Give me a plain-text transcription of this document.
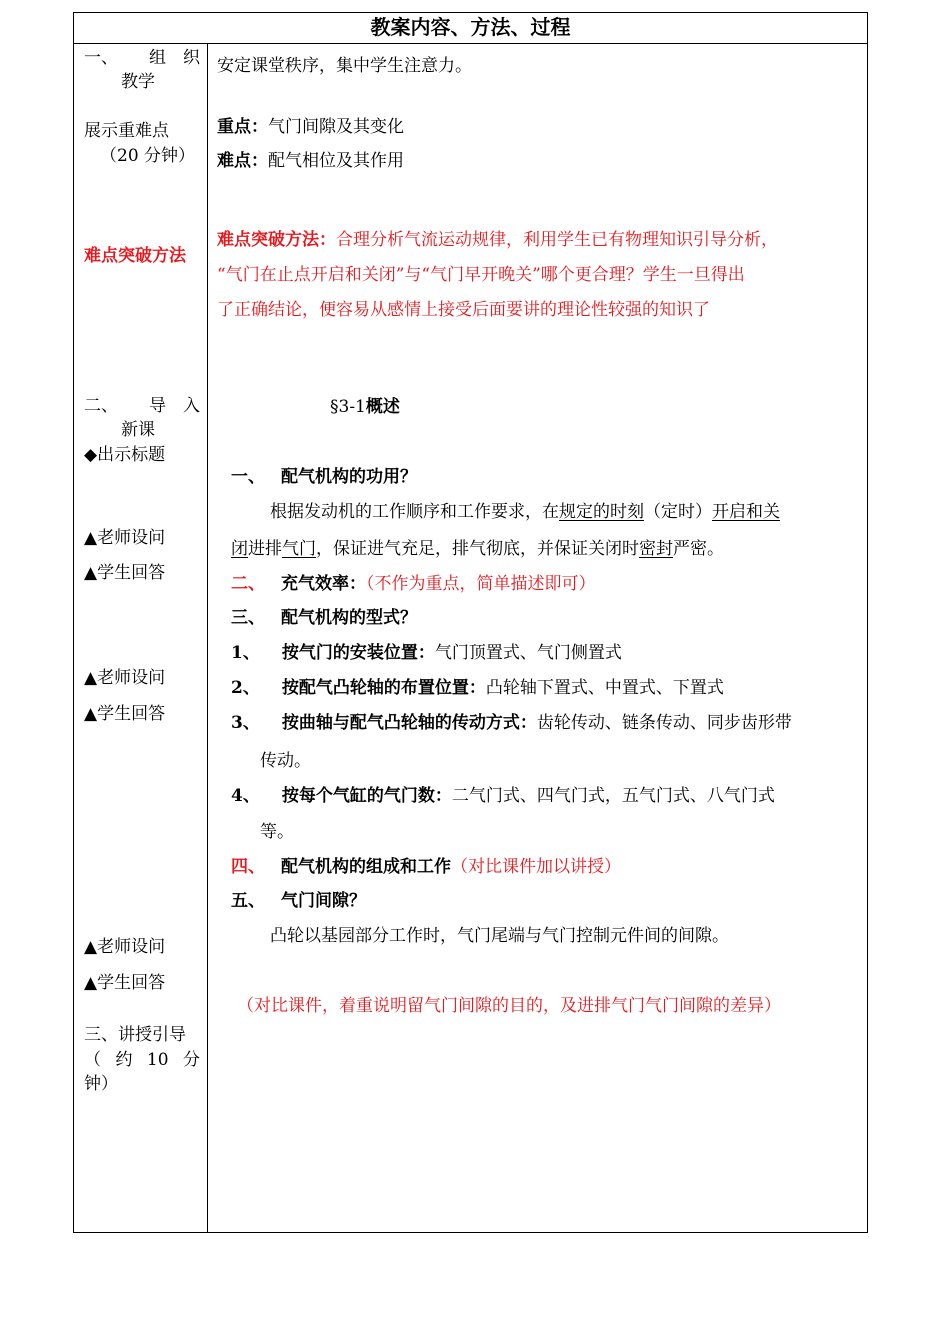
教案内容、方法、过程
一、 组　织
教学
展示重难点
（20 分钟）
难点突破方法
二、 导　入
新课
◆出示标题
▲老师设问
▲学生回答
▲老师设问
▲学生回答
▲老师设问
▲学生回答
三、讲授引导
（ 约 10 分
钟）
安定课堂秩序，集中学生注意力。
重点：气门间隙及其变化
难点：配气相位及其作用
难点突破方法：合理分析气流运动规律，利用学生已有物理知识引导分析，
“气门在止点开启和关闭”与“气门早开晚关”哪个更合理？学生一旦得出
了正确结论，便容易从感情上接受后面要讲的理论性较强的知识了
§3-1概述
一、 配气机构的功用？
根据发动机的工作顺序和工作要求，在规定的时刻（定时）开启和关
闭进排气门，保证进气充足，排气彻底，并保证关闭时密封严密。
二、 充气效率：（不作为重点，简单描述即可）
三、 配气机构的型式？
1、 按气门的安装位置：气门顶置式、气门侧置式
2、 按配气凸轮轴的布置位置：凸轮轴下置式、中置式、下置式
3、 按曲轴与配气凸轮轴的传动方式：齿轮传动、链条传动、同步齿形带
传动。
4、 按每个气缸的气门数：二气门式、四气门式，五气门式、八气门式
等。
四、 配气机构的组成和工作（对比课件加以讲授）
五、 气门间隙？
凸轮以基园部分工作时，气门尾端与气门控制元件间的间隙。
（对比课件，着重说明留气门间隙的目的，及进排气门气门间隙的差异）
